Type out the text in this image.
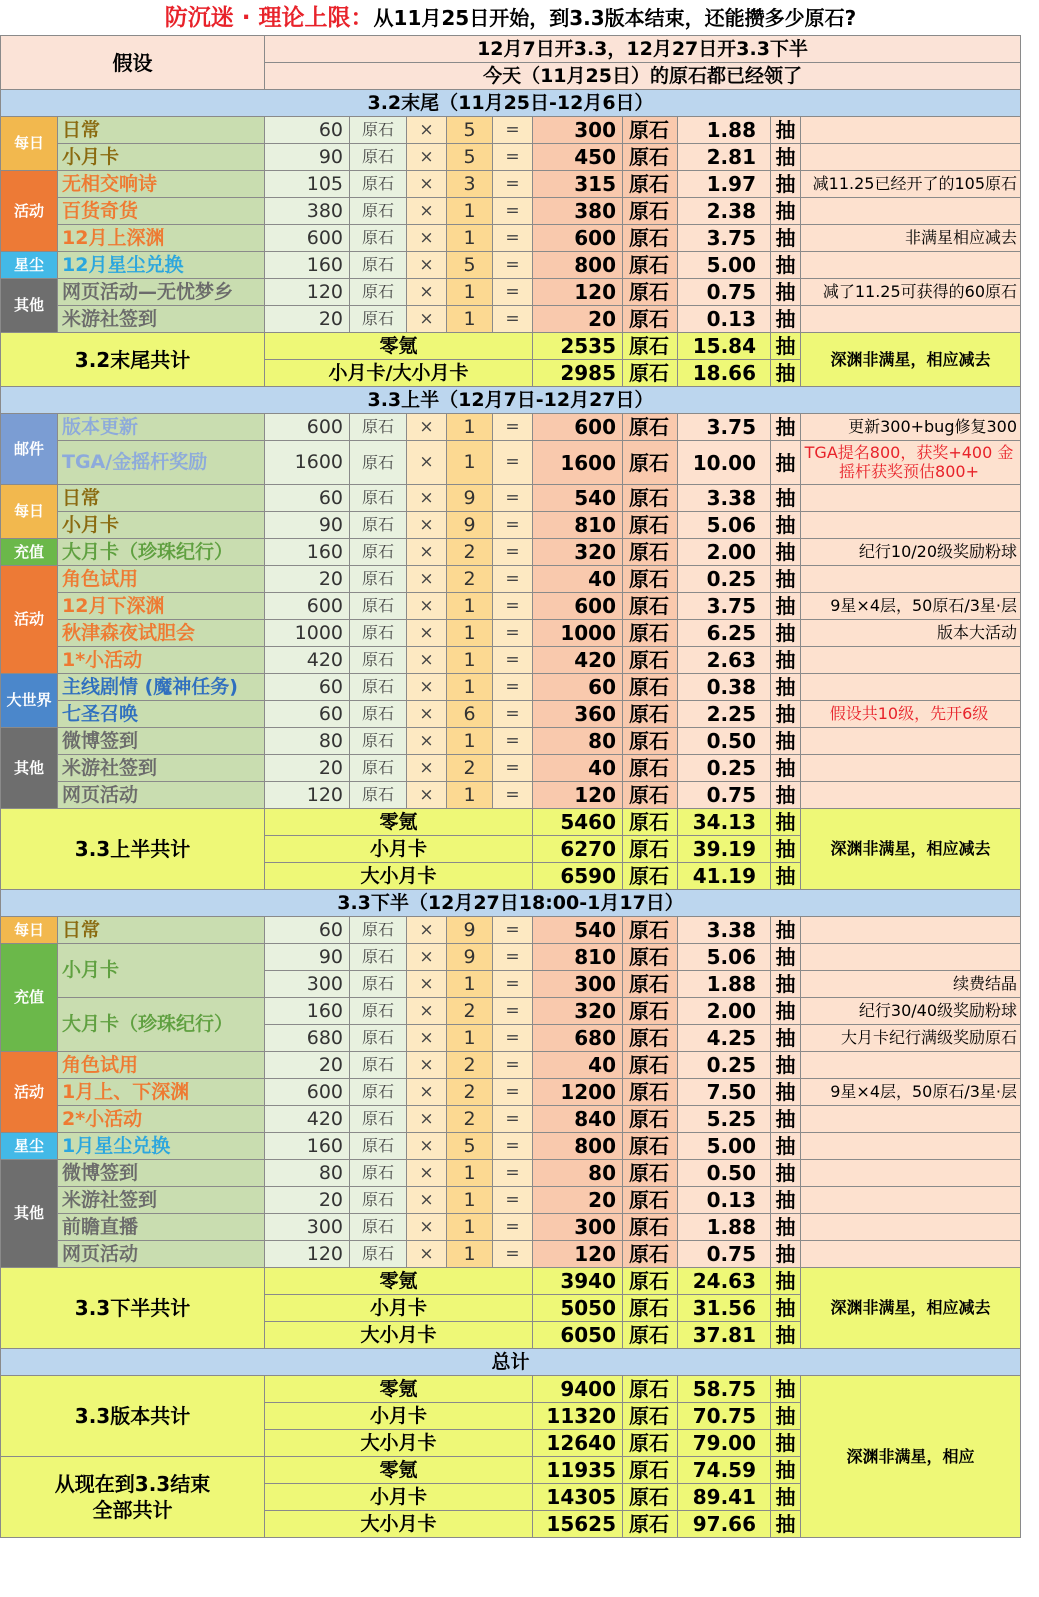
防沉迷 · 理论上限：从11月25日开始，到3.3版本结束，还能攒多少原石?											
假设		12月7日开3.3，12月27日开3.3下半									
		今天（11月25日）的原石都已经领了									
3.2末尾（11月25日-12月6日）											
每日	日常	60	原石	×	5	=	300	原石	1.88	抽	
	小月卡	90	原石	×	5	=	450	原石	2.81	抽	
活动	无相交响诗	105	原石	×	3	=	315	原石	1.97	抽	减11.25已经开了的105原石
	百货奇货	380	原石	×	1	=	380	原石	2.38	抽	
	12月上深渊	600	原石	×	1	=	600	原石	3.75	抽	非满星相应减去
星尘	12月星尘兑换	160	原石	×	5	=	800	原石	5.00	抽	
其他	网页活动—无忧梦乡	120	原石	×	1	=	120	原石	0.75	抽	减了11.25可获得的60原石
	米游社签到	20	原石	×	1	=	20	原石	0.13	抽	
3.2末尾共计		零氪					2535	原石	15.84	抽	深渊非满星，相应减去
		小月卡/大小月卡					2985	原石	18.66	抽	
3.3上半（12月7日-12月27日）											
邮件	版本更新	600	原石	×	1	=	600	原石	3.75	抽	更新300+bug修复300
	TGA/金摇杆奖励	1600	原石	×	1	=	1600	原石	10.00	抽	TGA提名800，获奖+400 金摇杆获奖预估800+
每日	日常	60	原石	×	9	=	540	原石	3.38	抽	
	小月卡	90	原石	×	9	=	810	原石	5.06	抽	
充值	大月卡（珍珠纪行）	160	原石	×	2	=	320	原石	2.00	抽	纪行10/20级奖励粉球
活动	角色试用	20	原石	×	2	=	40	原石	0.25	抽	
	12月下深渊	600	原石	×	1	=	600	原石	3.75	抽	9星×4层，50原石/3星·层
	秋津森夜试胆会	1000	原石	×	1	=	1000	原石	6.25	抽	版本大活动
	1*小活动	420	原石	×	1	=	420	原石	2.63	抽	
大世界	主线剧情 (魔神任务)	60	原石	×	1	=	60	原石	0.38	抽	
	七圣召唤	60	原石	×	6	=	360	原石	2.25	抽	假设共10级，先开6级
其他	微博签到	80	原石	×	1	=	80	原石	0.50	抽	
	米游社签到	20	原石	×	2	=	40	原石	0.25	抽	
	网页活动	120	原石	×	1	=	120	原石	0.75	抽	
3.3上半共计		零氪					5460	原石	34.13	抽	深渊非满星，相应减去
		小月卡					6270	原石	39.19	抽	
		大小月卡					6590	原石	41.19	抽	
3.3下半（12月27日18:00-1月17日）											
每日	日常	60	原石	×	9	=	540	原石	3.38	抽	
充值	小月卡	90	原石	×	9	=	810	原石	5.06	抽	
		300	原石	×	1	=	300	原石	1.88	抽	续费结晶
	大月卡（珍珠纪行）	160	原石	×	2	=	320	原石	2.00	抽	纪行30/40级奖励粉球
		680	原石	×	1	=	680	原石	4.25	抽	大月卡纪行满级奖励原石
活动	角色试用	20	原石	×	2	=	40	原石	0.25	抽	
	1月上、下深渊	600	原石	×	2	=	1200	原石	7.50	抽	9星×4层，50原石/3星·层
	2*小活动	420	原石	×	2	=	840	原石	5.25	抽	
星尘	1月星尘兑换	160	原石	×	5	=	800	原石	5.00	抽	
其他	微博签到	80	原石	×	1	=	80	原石	0.50	抽	
	米游社签到	20	原石	×	1	=	20	原石	0.13	抽	
	前瞻直播	300	原石	×	1	=	300	原石	1.88	抽	
	网页活动	120	原石	×	1	=	120	原石	0.75	抽	
3.3下半共计		零氪					3940	原石	24.63	抽	深渊非满星，相应减去
		小月卡					5050	原石	31.56	抽	
		大小月卡					6050	原石	37.81	抽	
总计											
3.3版本共计		零氪					9400	原石	58.75	抽	深渊非满星，相应
		小月卡					11320	原石	70.75	抽	
		大小月卡					12640	原石	79.00	抽	

从现在到3.3结束
全部共计		零氪					11935	原石	74.59	抽	
		小月卡					14305	原石	89.41	抽	
		大小月卡					15625	原石	97.66	抽	
